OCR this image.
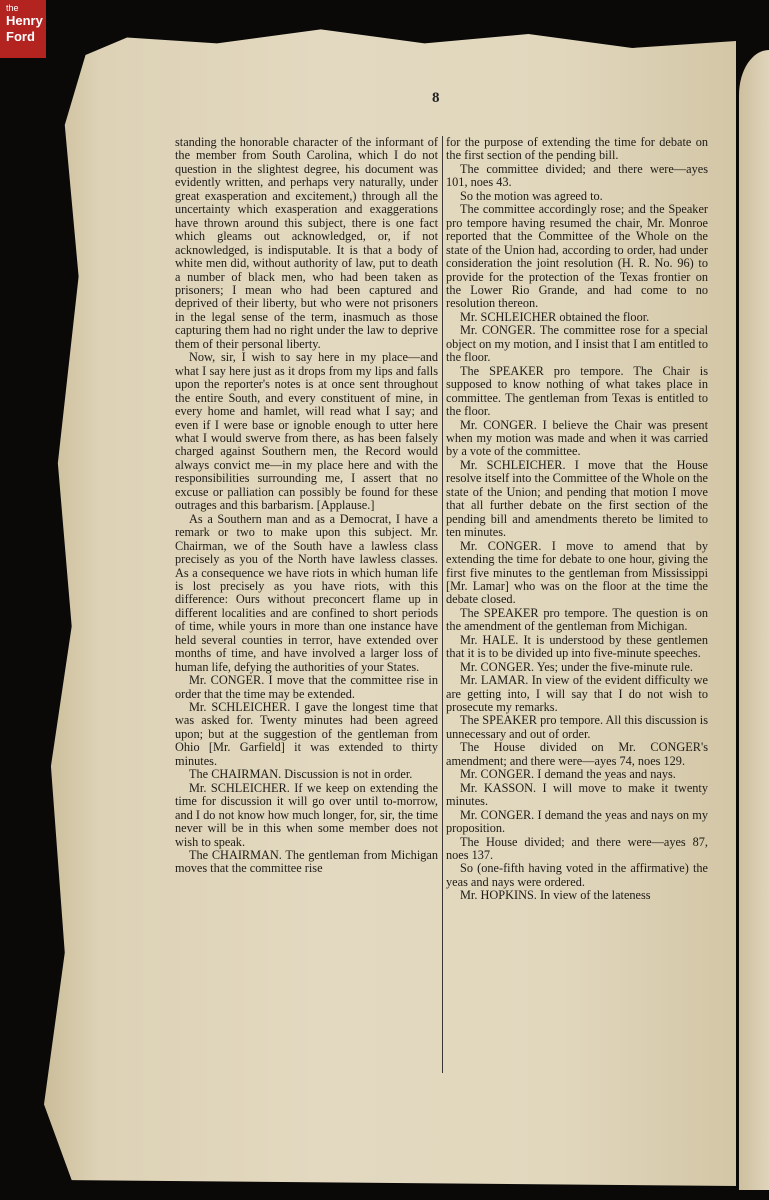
the
Henry
Ford
8

standing the honorable character of the informant of the member from South Carolina, which I do not question in the slightest degree, his document was evidently written, and perhaps very naturally, under great exasperation and excitement,) through all the uncertainty which exasperation and exaggerations have thrown around this subject, there is one fact which gleams out acknowledged, or, if not acknowledged, is indisputable. It is that a body of white men did, without authority of law, put to death a number of black men, who had been taken as prisoners; I mean who had been captured and deprived of their liberty, but who were not prisoners in the legal sense of the term, inasmuch as those capturing them had no right under the law to deprive them of their personal liberty.

Now, sir, I wish to say here in my place—and what I say here just as it drops from my lips and falls upon the reporter's notes is at once sent throughout the entire South, and every constituent of mine, in every home and hamlet, will read what I say; and even if I were base or ignoble enough to utter here what I would swerve from there, as has been falsely charged against Southern men, the Record would always convict me—in my place here and with the responsibilities surrounding me, I assert that no excuse or palliation can possibly be found for these outrages and this barbarism. [Applause.]

As a Southern man and as a Democrat, I have a remark or two to make upon this subject. Mr. Chairman, we of the South have a lawless class precisely as you of the North have lawless classes. As a consequence we have riots in which human life is lost precisely as you have riots, with this difference: Ours without preconcert flame up in different localities and are confined to short periods of time, while yours in more than one instance have held several counties in terror, have extended over months of time, and have involved a larger loss of human life, defying the authorities of your States.

Mr. CONGER. I move that the committee rise in order that the time may be extended.

Mr. SCHLEICHER. I gave the longest time that was asked for. Twenty minutes had been agreed upon; but at the suggestion of the gentleman from Ohio [Mr. Garfield] it was extended to thirty minutes.

The CHAIRMAN. Discussion is not in order.

Mr. SCHLEICHER. If we keep on extending the time for discussion it will go over until to-morrow, and I do not know how much longer, for, sir, the time never will be in this when some member does not wish to speak.

The CHAIRMAN. The gentleman from Michigan moves that the committee rise

for the purpose of extending the time for debate on the first section of the pending bill.

The committee divided; and there were—ayes 101, noes 43.

So the motion was agreed to.

The committee accordingly rose; and the Speaker pro tempore having resumed the chair, Mr. Monroe reported that the Committee of the Whole on the state of the Union had, according to order, had under consideration the joint resolution (H. R. No. 96) to provide for the protection of the Texas frontier on the Lower Rio Grande, and had come to no resolution thereon.

Mr. SCHLEICHER obtained the floor.

Mr. CONGER. The committee rose for a special object on my motion, and I insist that I am entitled to the floor.

The SPEAKER pro tempore. The Chair is supposed to know nothing of what takes place in committee. The gentleman from Texas is entitled to the floor.

Mr. CONGER. I believe the Chair was present when my motion was made and when it was carried by a vote of the committee.

Mr. SCHLEICHER. I move that the House resolve itself into the Committee of the Whole on the state of the Union; and pending that motion I move that all further debate on the first section of the pending bill and amendments thereto be limited to ten minutes.

Mr. CONGER. I move to amend that by extending the time for debate to one hour, giving the first five minutes to the gentleman from Mississippi [Mr. Lamar] who was on the floor at the time the debate closed.

The SPEAKER pro tempore. The question is on the amendment of the gentleman from Michigan.

Mr. HALE. It is understood by these gentlemen that it is to be divided up into five-minute speeches.

Mr. CONGER. Yes; under the five-minute rule.

Mr. LAMAR. In view of the evident difficulty we are getting into, I will say that I do not wish to prosecute my remarks.

The SPEAKER pro tempore. All this discussion is unnecessary and out of order.

The House divided on Mr. CONGER's amendment; and there were—ayes 74, noes 129.

Mr. CONGER. I demand the yeas and nays.

Mr. KASSON. I will move to make it twenty minutes.

Mr. CONGER. I demand the yeas and nays on my proposition.

The House divided; and there were—ayes 87, noes 137.

So (one-fifth having voted in the affirmative) the yeas and nays were ordered.

Mr. HOPKINS. In view of the lateness
